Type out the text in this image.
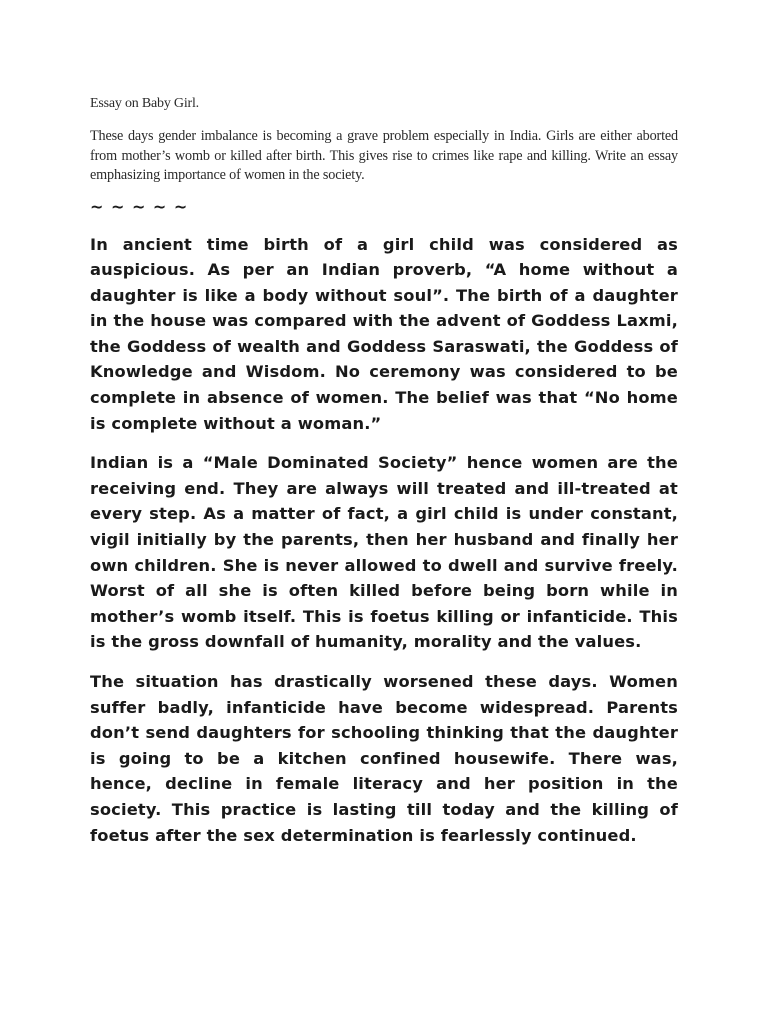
Essay on Baby Girl.

These days gender imbalance is becoming a grave problem especially in India. Girls are either aborted from mother’s womb or killed after birth. This gives rise to crimes like rape and killing. Write an essay emphasizing importance of women in the society.

~ ~ ~ ~ ~

In ancient time birth of a girl child was considered as auspicious. As per an Indian proverb, “A home without a daughter is like a body without soul”. The birth of a daughter in the house was compared with the advent of Goddess Laxmi, the Goddess of wealth and Goddess Saraswati, the Goddess of Knowledge and Wisdom. No ceremony was considered to be complete in absence of women. The belief was that “No home is complete without a woman.”

Indian is a “Male Dominated Society” hence women are the receiving end. They are always will treated and ill-treated at every step. As a matter of fact, a girl child is under constant, vigil initially by the parents, then her husband and finally her own children. She is never allowed to dwell and survive freely. Worst of all she is often killed before being born while in mother’s womb itself. This is foetus killing or infanticide. This is the gross downfall of humanity, morality and the values.

The situation has drastically worsened these days. Women suffer badly, infanticide have become widespread. Parents don’t send daughters for schooling thinking that the daughter is going to be a kitchen confined housewife. There was, hence, decline in female literacy and her position in the society. This practice is lasting till today and the killing of foetus after the sex determination is fearlessly continued.
